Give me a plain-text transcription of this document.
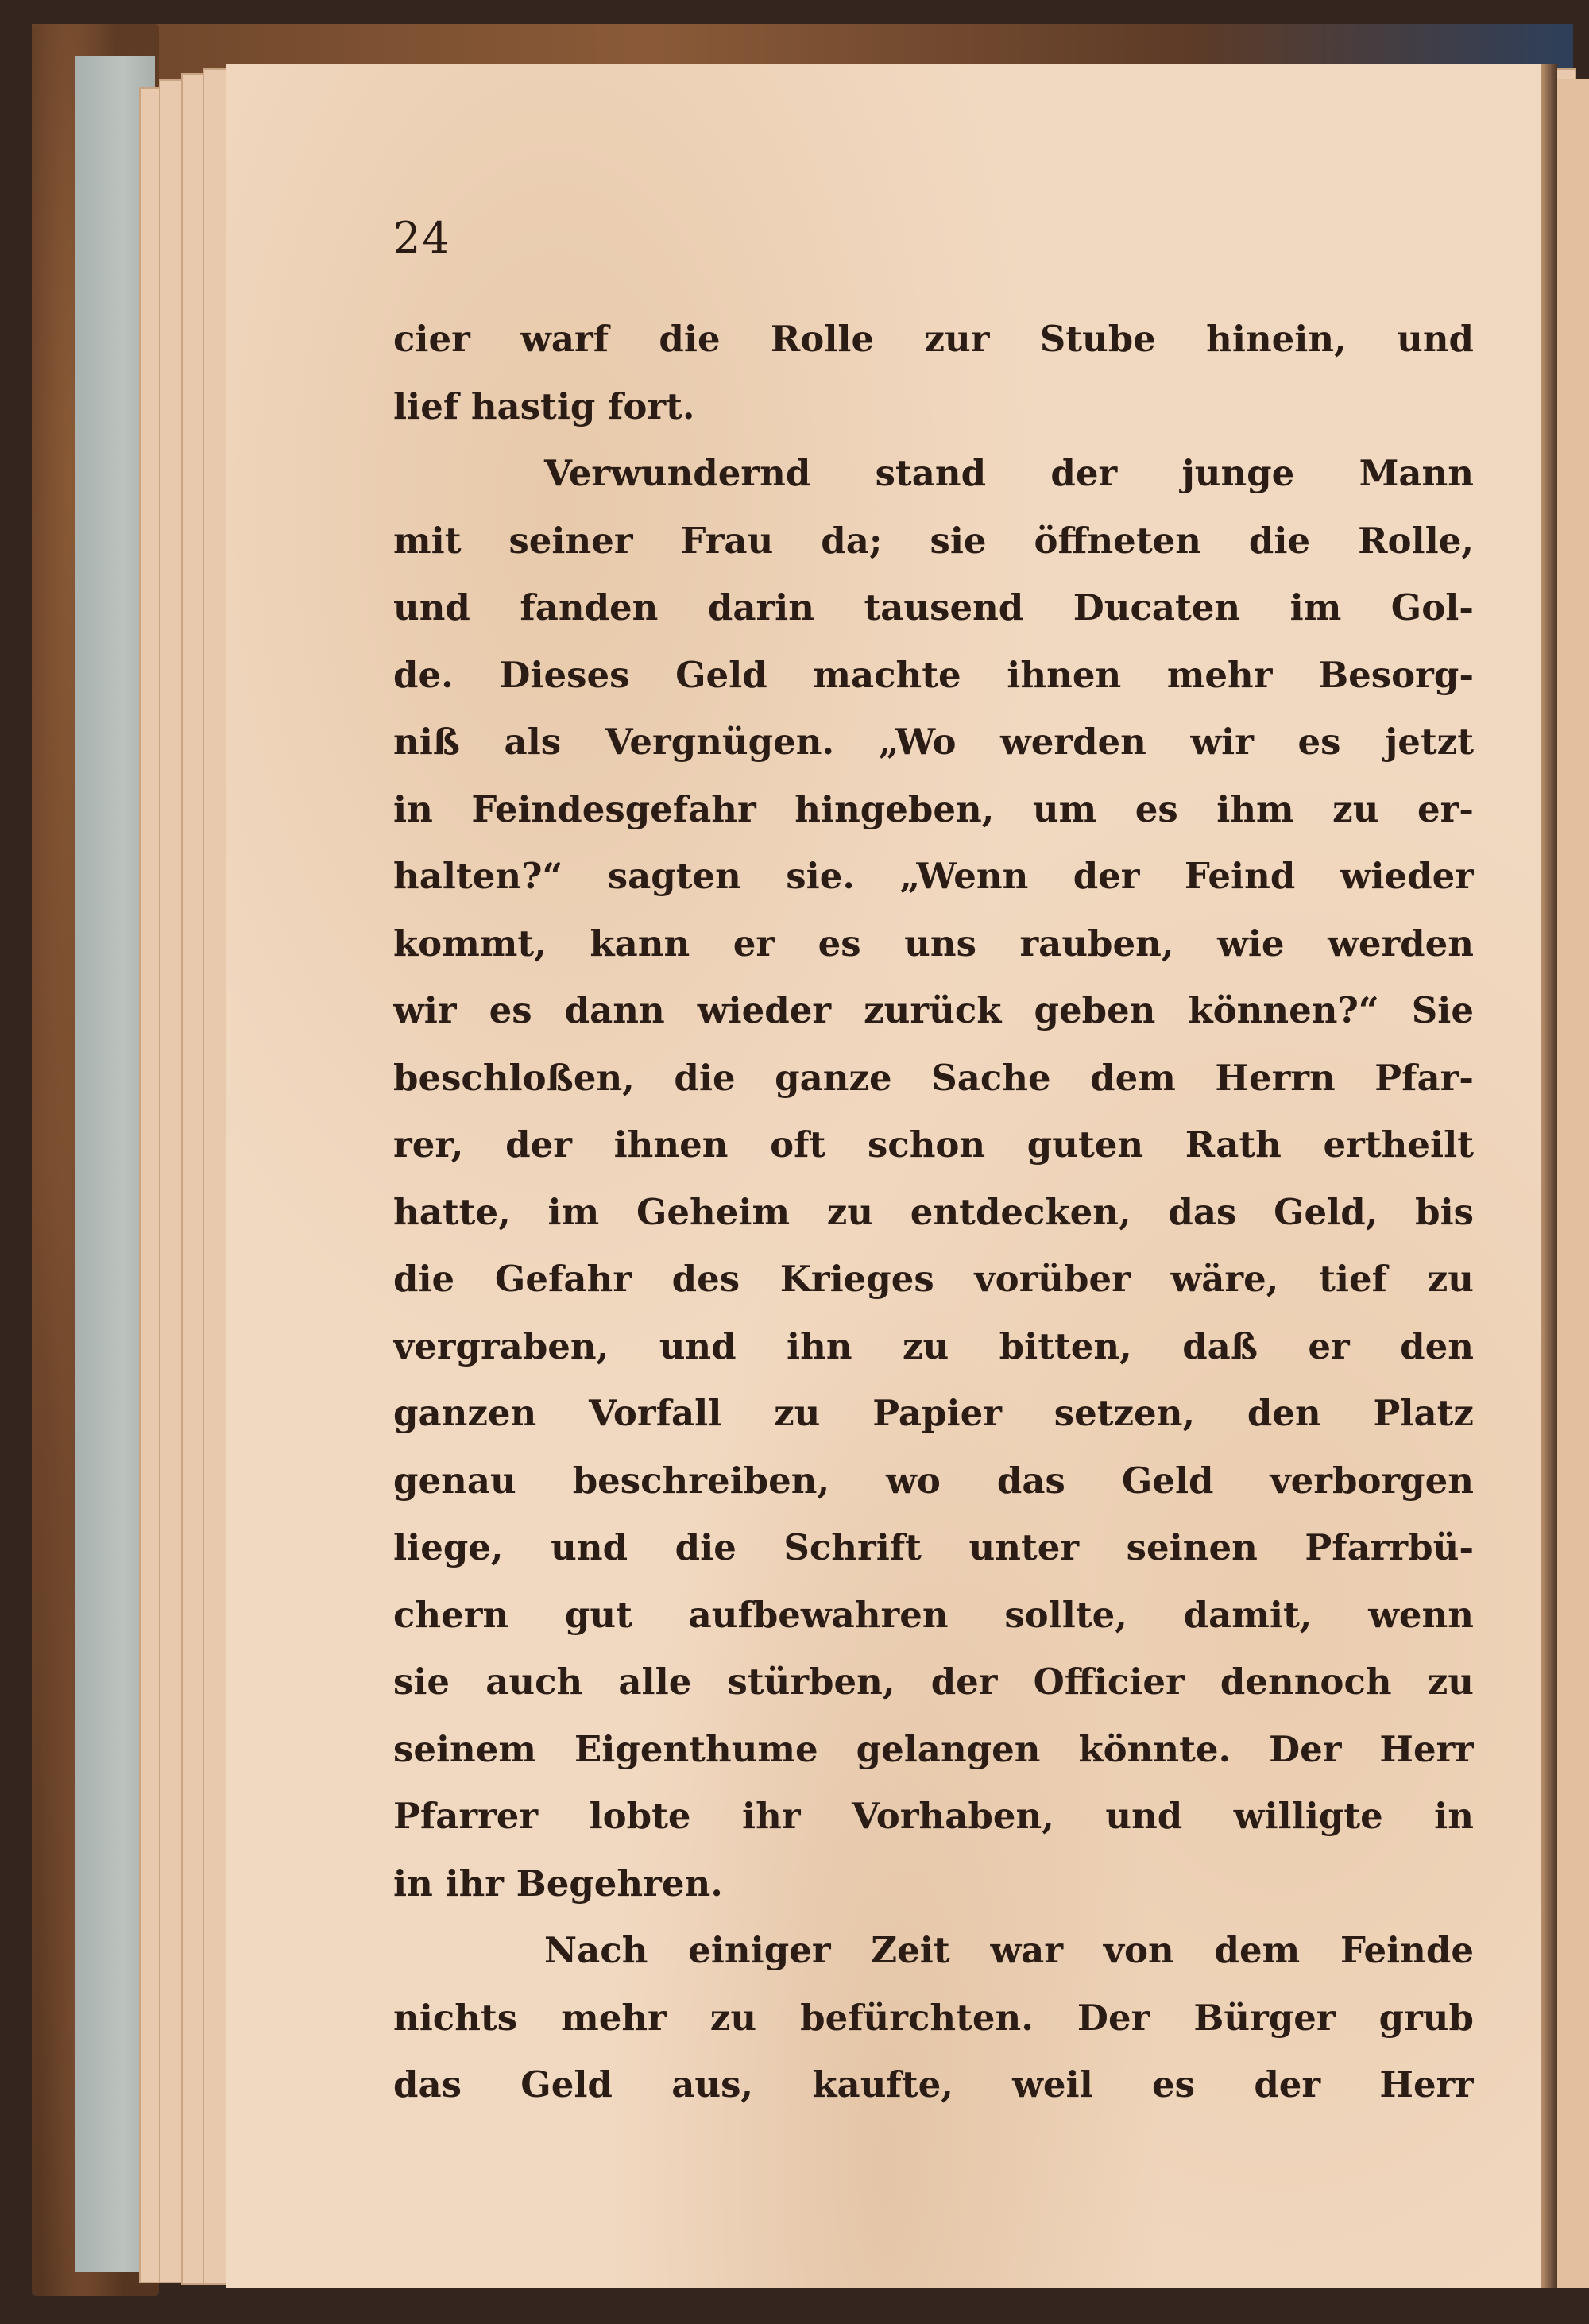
24
cier warf die Rolle zur Stube hinein, und
lief hastig fort.
Verwundernd stand der junge Mann
mit seiner Frau da; sie öffneten die Rolle,
und fanden darin tausend Ducaten im Gol-
de. Dieses Geld machte ihnen mehr Besorg-
niß als Vergnügen. „Wo werden wir es jetzt
in Feindesgefahr hingeben, um es ihm zu er-
halten?“ sagten sie. „Wenn der Feind wieder
kommt, kann er es uns rauben, wie werden
wir es dann wieder zurück geben können?“ Sie
beschloßen, die ganze Sache dem Herrn Pfar-
rer, der ihnen oft schon guten Rath ertheilt
hatte, im Geheim zu entdecken, das Geld, bis
die Gefahr des Krieges vorüber wäre, tief zu
vergraben, und ihn zu bitten, daß er den
ganzen Vorfall zu Papier setzen, den Platz
genau beschreiben, wo das Geld verborgen
liege, und die Schrift unter seinen Pfarrbü-
chern gut aufbewahren sollte, damit, wenn
sie auch alle stürben, der Officier dennoch zu
seinem Eigenthume gelangen könnte. Der Herr
Pfarrer lobte ihr Vorhaben, und willigte in
in ihr Begehren.
Nach einiger Zeit war von dem Feinde
nichts mehr zu befürchten. Der Bürger grub
das Geld aus, kaufte, weil es der Herr
